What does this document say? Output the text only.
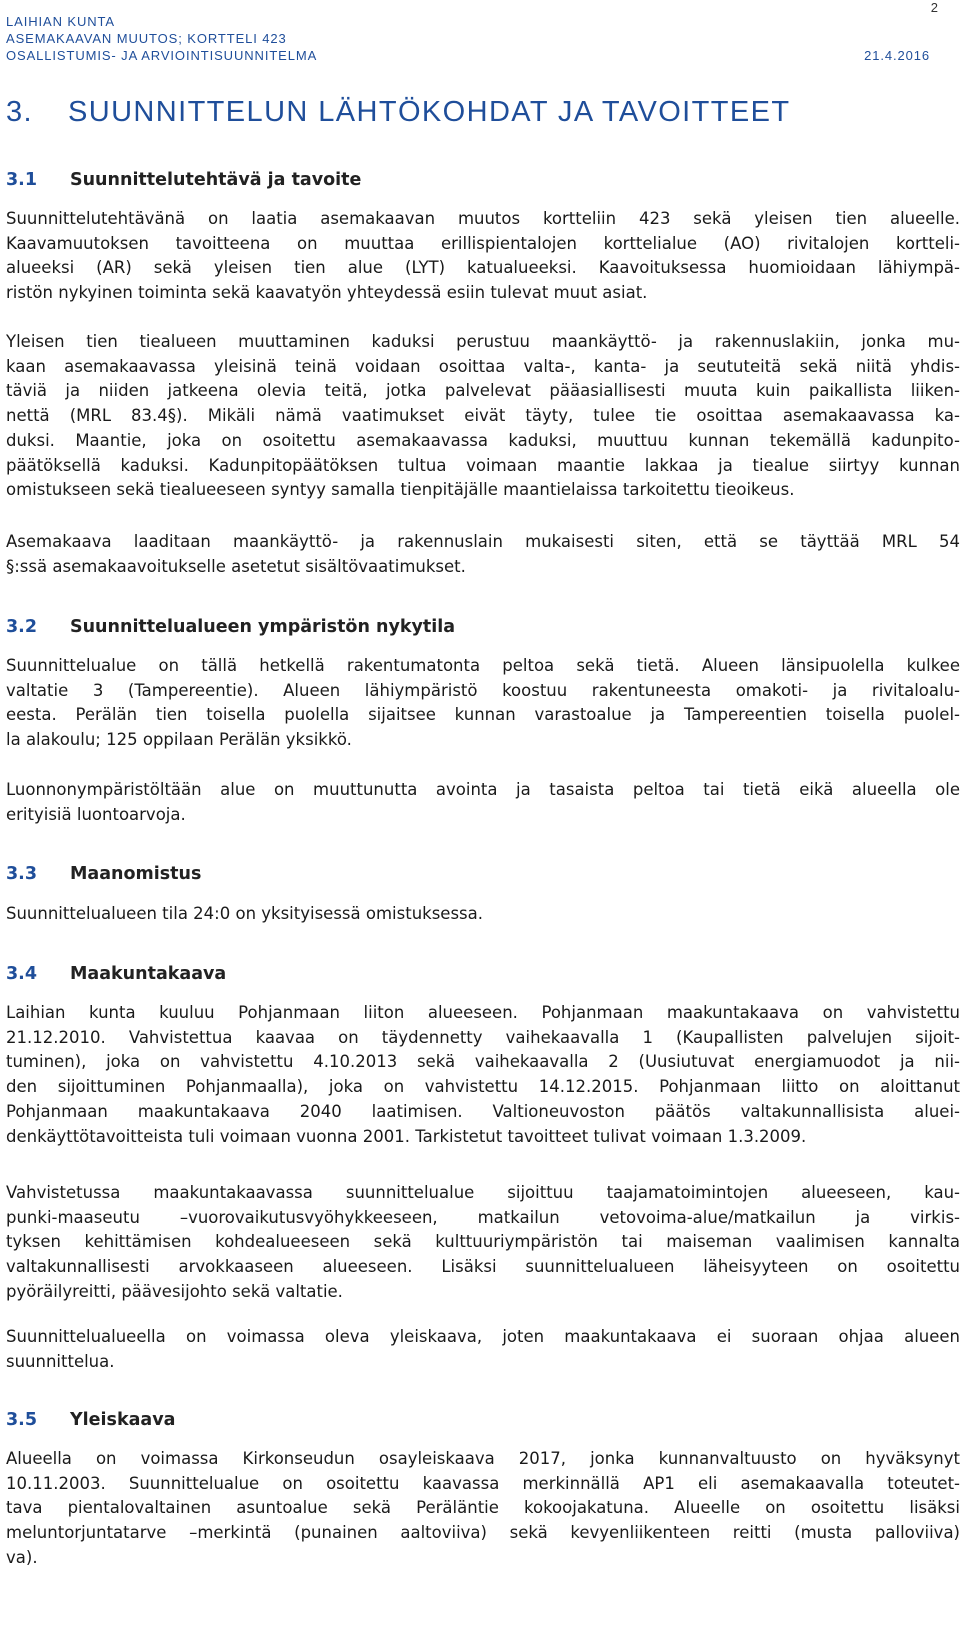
LAIHIAN KUNTA
ASEMAKAAVAN MUUTOS; KORTTELI 423
OSALLISTUMIS- JA ARVIOINTISUUNNITELMA	21.4.2016
2
3. SUUNNITTELUN LÄHTÖKOHDAT JA TAVOITTEET
3.1 Suunnittelutehtävä ja tavoite
Suunnittelutehtävänä on laatia asemakaavan muutos kortteliin 423 sekä yleisen tien alueelle.
Kaavamuutoksen tavoitteena on muuttaa erillispientalojen korttelialue (AO) rivitalojen kortteli-
alueeksi (AR) sekä yleisen tien alue (LYT) katualueeksi. Kaavoituksessa huomioidaan lähiympä-
ristön nykyinen toiminta sekä kaavatyön yhteydessä esiin tulevat muut asiat.
Yleisen tien tiealueen muuttaminen kaduksi perustuu maankäyttö- ja rakennuslakiin, jonka mu-
kaan asemakaavassa yleisinä teinä voidaan osoittaa valta-, kanta- ja seututeitä sekä niitä yhdis-
täviä ja niiden jatkeena olevia teitä, jotka palvelevat pääasiallisesti muuta kuin paikallista liiken-
nettä (MRL 83.4§). Mikäli nämä vaatimukset eivät täyty, tulee tie osoittaa asemakaavassa ka-
duksi. Maantie, joka on osoitettu asemakaavassa kaduksi, muuttuu kunnan tekemällä kadunpito-
päätöksellä kaduksi. Kadunpitopäätöksen tultua voimaan maantie lakkaa ja tiealue siirtyy kunnan
omistukseen sekä tiealueeseen syntyy samalla tienpitäjälle maantielaissa tarkoitettu tieoikeus.
Asemakaava laaditaan maankäyttö- ja rakennuslain mukaisesti siten, että se täyttää MRL 54
§:ssä asemakaavoitukselle asetetut sisältövaatimukset.
3.2 Suunnittelualueen ympäristön nykytila
Suunnittelualue on tällä hetkellä rakentumatonta peltoa sekä tietä. Alueen länsipuolella kulkee
valtatie 3 (Tampereentie). Alueen lähiympäristö koostuu rakentuneesta omakoti- ja rivitaloalu-
eesta. Perälän tien toisella puolella sijaitsee kunnan varastoalue ja Tampereentien toisella puolel-
la alakoulu; 125 oppilaan Perälän yksikkö.
Luonnonympäristöltään alue on muuttunutta avointa ja tasaista peltoa tai tietä eikä alueella ole
erityisiä luontoarvoja.
3.3 Maanomistus
Suunnittelualueen tila 24:0 on yksityisessä omistuksessa.
3.4 Maakuntakaava
Laihian kunta kuuluu Pohjanmaan liiton alueeseen. Pohjanmaan maakuntakaava on vahvistettu
21.12.2010. Vahvistettua kaavaa on täydennetty vaihekaavalla 1 (Kaupallisten palvelujen sijoit-
tuminen), joka on vahvistettu 4.10.2013 sekä vaihekaavalla 2 (Uusiutuvat energiamuodot ja nii-
den sijoittuminen Pohjanmaalla), joka on vahvistettu 14.12.2015. Pohjanmaan liitto on aloittanut
Pohjanmaan maakuntakaava 2040 laatimisen. Valtioneuvoston päätös valtakunnallisista aluei-
denkäyttötavoitteista tuli voimaan vuonna 2001. Tarkistetut tavoitteet tulivat voimaan 1.3.2009.
Vahvistetussa maakuntakaavassa suunnittelualue sijoittuu taajamatoimintojen alueeseen, kau-
punki-maaseutu –vuorovaikutusvyöhykkeeseen, matkailun vetovoima-alue/matkailun ja virkis-
tyksen kehittämisen kohdealueeseen sekä kulttuuriympäristön tai maiseman vaalimisen kannalta
valtakunnallisesti arvokkaaseen alueeseen. Lisäksi suunnittelualueen läheisyyteen on osoitettu
pyöräilyreitti, päävesijohto sekä valtatie.
Suunnittelualueella on voimassa oleva yleiskaava, joten maakuntakaava ei suoraan ohjaa alueen
suunnittelua.
3.5 Yleiskaava
Alueella on voimassa Kirkonseudun osayleiskaava 2017, jonka kunnanvaltuusto on hyväksynyt
10.11.2003. Suunnittelualue on osoitettu kaavassa merkinnällä AP1 eli asemakaavalla toteutet-
tava pientalovaltainen asuntoalue sekä Peräläntie kokoojakatuna. Alueelle on osoitettu lisäksi
meluntorjuntatarve –merkintä (punainen aaltoviiva) sekä kevyenliikenteen reitti (musta palloviiva)
va).
